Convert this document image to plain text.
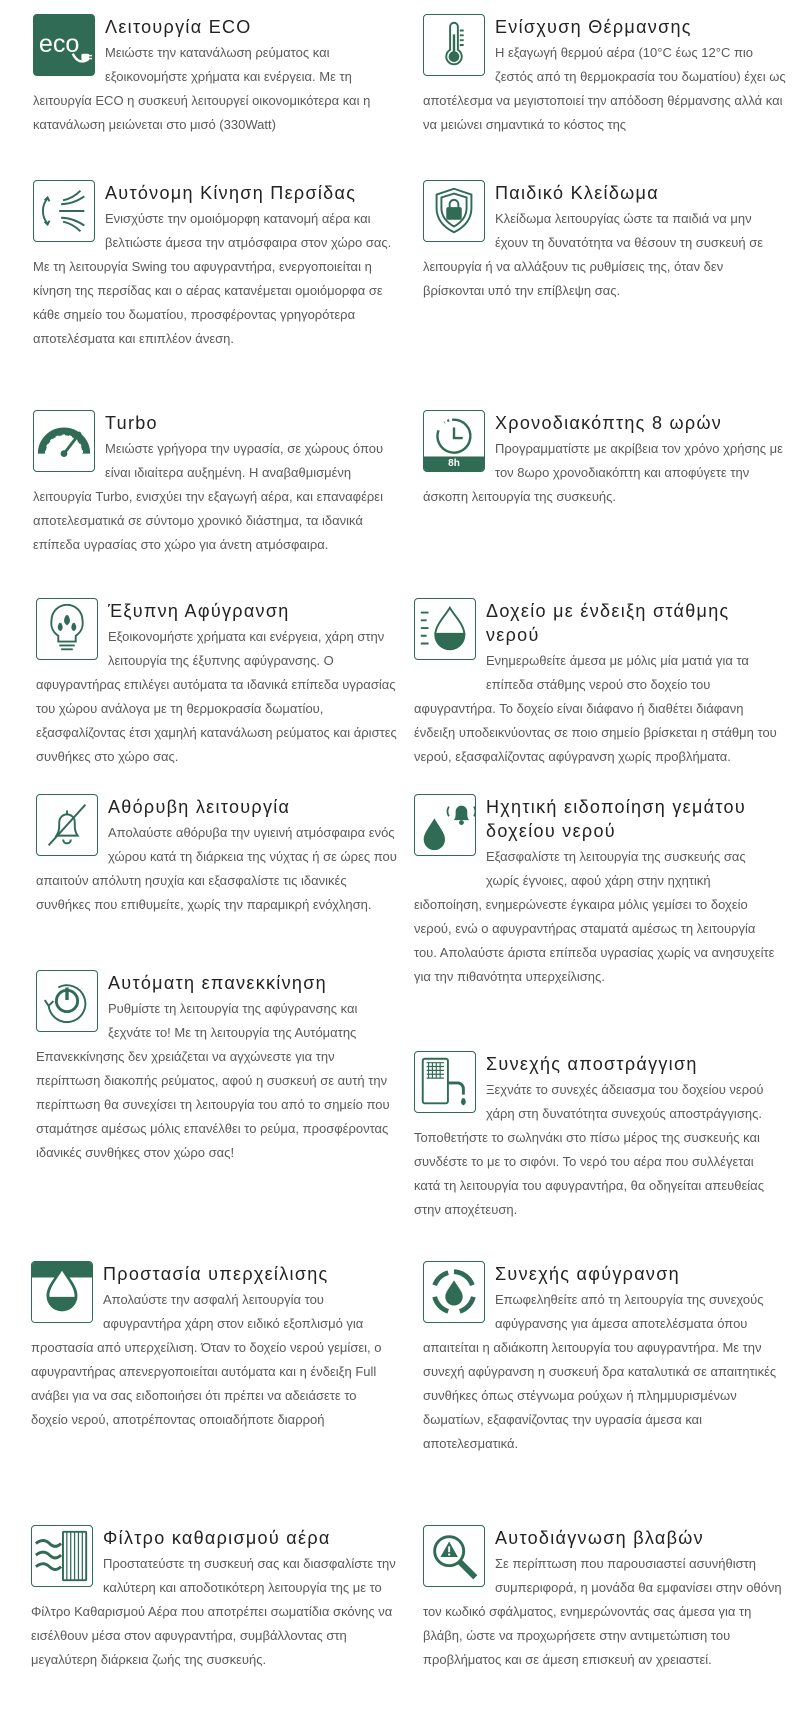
eco
Λειτουργία ECO
Μειώστε την κατανάλωση ρεύματος και εξοικονομήστε χρήματα και ενέργεια. Με τη λειτουργία ECO η συσκευή λειτουργεί οικονομικότερα και η κατανάλωση μειώνεται στο μισό (330Watt)
Ενίσχυση Θέρμανσης
Η εξαγωγή θερμού αέρα (10°C έως 12°C πιο ζεστός από τη θερμοκρασία του δωματίου) έχει ως αποτέλεσμα να μεγιστοποιεί την απόδοση θέρμανσης αλλά και να μειώνει σημαντικά το κόστος της
Αυτόνομη Κίνηση Περσίδας
Ενισχύστε την ομοιόμορφη κατανομή αέρα και βελτιώστε άμεσα την ατμόσφαιρα στον χώρο σας. Με τη λειτουργία Swing του αφυγραντήρα, ενεργοποιείται η κίνηση της περσίδας και ο αέρας κατανέμεται ομοιόμορφα σε κάθε σημείο του δωματίου, προσφέροντας γρηγορότερα αποτελέσματα και επιπλέον άνεση.
Παιδικό Κλείδωμα
Κλείδωμα λειτουργίας ώστε τα παιδιά να μην έχουν τη δυνατότητα να θέσουν τη συσκευή σε λειτουργία ή να αλλάξουν τις ρυθμίσεις της, όταν δεν βρίσκονται υπό την επίβλεψη σας.
Turbo
Μειώστε γρήγορα την υγρασία, σε χώρους όπου είναι ιδιαίτερα αυξημένη. Η αναβαθμισμένη λειτουργία Turbo, ενισχύει την εξαγωγή αέρα, και επαναφέρει αποτελεσματικά σε σύντομο χρονικό διάστημα, τα ιδανικά επίπεδα υγρασίας στο χώρο για άνετη ατμόσφαιρα.
8h
Χρονοδιακόπτης 8 ωρών
Προγραμματίστε με ακρίβεια τον χρόνο χρήσης με τον 8ωρο χρονοδιακόπτη και αποφύγετε την άσκοπη λειτουργία της συσκευής.
Έξυπνη Αφύγρανση
Εξοικονομήστε χρήματα και ενέργεια, χάρη στην λειτουργία της έξυπνης αφύγρανσης. Ο αφυγραντήρας επιλέγει αυτόματα τα ιδανικά επίπεδα υγρασίας του χώρου ανάλογα με τη θερμοκρασία δωματίου, εξασφαλίζοντας έτσι χαμηλή κατανάλωση ρεύματος και άριστες συνθήκες στο χώρο σας.
Δοχείο με ένδειξη στάθμης νερού
Ενημερωθείτε άμεσα με μόλις μία ματιά για τα επίπεδα στάθμης νερού στο δοχείο του αφυγραντήρα. Το δοχείο είναι διάφανο ή διαθέτει διάφανη ένδειξη υποδεικνύοντας σε ποιο σημείο βρίσκεται η στάθμη του νερού, εξασφαλίζοντας αφύγρανση χωρίς προβλήματα.
Αθόρυβη λειτουργία
Απολαύστε αθόρυβα την υγιεινή ατμόσφαιρα ενός χώρου κατά τη διάρκεια της νύχτας ή σε ώρες που απαιτούν απόλυτη ησυχία και εξασφαλίστε τις ιδανικές συνθήκες που επιθυμείτε, χωρίς την παραμικρή ενόχληση.
Ηχητική ειδοποίηση γεμάτου δοχείου νερού
Εξασφαλίστε τη λειτουργία της συσκευής σας χωρίς έγνοιες, αφού χάρη στην ηχητική ειδοποίηση, ενημερώνεστε έγκαιρα μόλις γεμίσει το δοχείο νερού, ενώ ο αφυγραντήρας σταματά αμέσως τη λειτουργία του. Απολαύστε άριστα επίπεδα υγρασίας χωρίς να ανησυχείτε για την πιθανότητα υπερχείλισης.
Αυτόματη επανεκκίνηση
Ρυθμίστε τη λειτουργία της αφύγρανσης και ξεχνάτε το! Με τη λειτουργία της Αυτόματης Επανεκκίνησης δεν χρειάζεται να αγχώνεστε για την περίπτωση διακοπής ρεύματος, αφού η συσκευή σε αυτή την περίπτωση θα συνεχίσει τη λειτουργία του από το σημείο που σταμάτησε αμέσως μόλις επανέλθει το ρεύμα, προσφέροντας ιδανικές συνθήκες στον χώρο σας!
Συνεχής αποστράγγιση
Ξεχνάτε το συνεχές άδειασμα του δοχείου νερού χάρη στη δυνατότητα συνεχούς αποστράγγισης. Τοποθετήστε το σωληνάκι στο πίσω μέρος της συσκευής και συνδέστε το με το σιφόνι. Το νερό του αέρα που συλλέγεται κατά τη λειτουργία του αφυγραντήρα, θα οδηγείται απευθείας στην αποχέτευση.
Προστασία υπερχείλισης
Απολαύστε την ασφαλή λειτουργία του αφυγραντήρα χάρη στον ειδικό εξοπλισμό για προστασία από υπερχείλιση. Όταν το δοχείο νερού γεμίσει, ο αφυγραντήρας απενεργοποιείται αυτόματα και η ένδειξη Full ανάβει για να σας ειδοποιήσει ότι πρέπει να αδειάσετε το δοχείο νερού, αποτρέποντας οποιαδήποτε διαρροή
Συνεχής αφύγρανση
Επωφεληθείτε από τη λειτουργία της συνεχούς αφύγρανσης για άμεσα αποτελέσματα όπου απαιτείται η αδιάκοπη λειτουργία του αφυγραντήρα. Με την συνεχή αφύγρανση η συσκευή δρα καταλυτικά σε απαιτητικές συνθήκες όπως στέγνωμα ρούχων ή πλημμυρισμένων δωματίων, εξαφανίζοντας την υγρασία άμεσα και αποτελεσματικά.
Φίλτρο καθαρισμού αέρα
Προστατεύστε τη συσκευή σας και διασφαλίστε την καλύτερη και αποδοτικότερη λειτουργία της με το Φίλτρο Καθαρισμού Αέρα που αποτρέπει σωματίδια σκόνης να εισέλθουν μέσα στον αφυγραντήρα, συμβάλλοντας στη μεγαλύτερη διάρκεια ζωής της συσκευής.
Αυτοδιάγνωση βλαβών
Σε περίπτωση που παρουσιαστεί ασυνήθιστη συμπεριφορά, η μονάδα θα εμφανίσει στην οθόνη τον κωδικό σφάλματος, ενημερώνοντάς σας άμεσα για τη βλάβη, ώστε να προχωρήσετε στην αντιμετώπιση του προβλήματος και σε άμεση επισκευή αν χρειαστεί.
